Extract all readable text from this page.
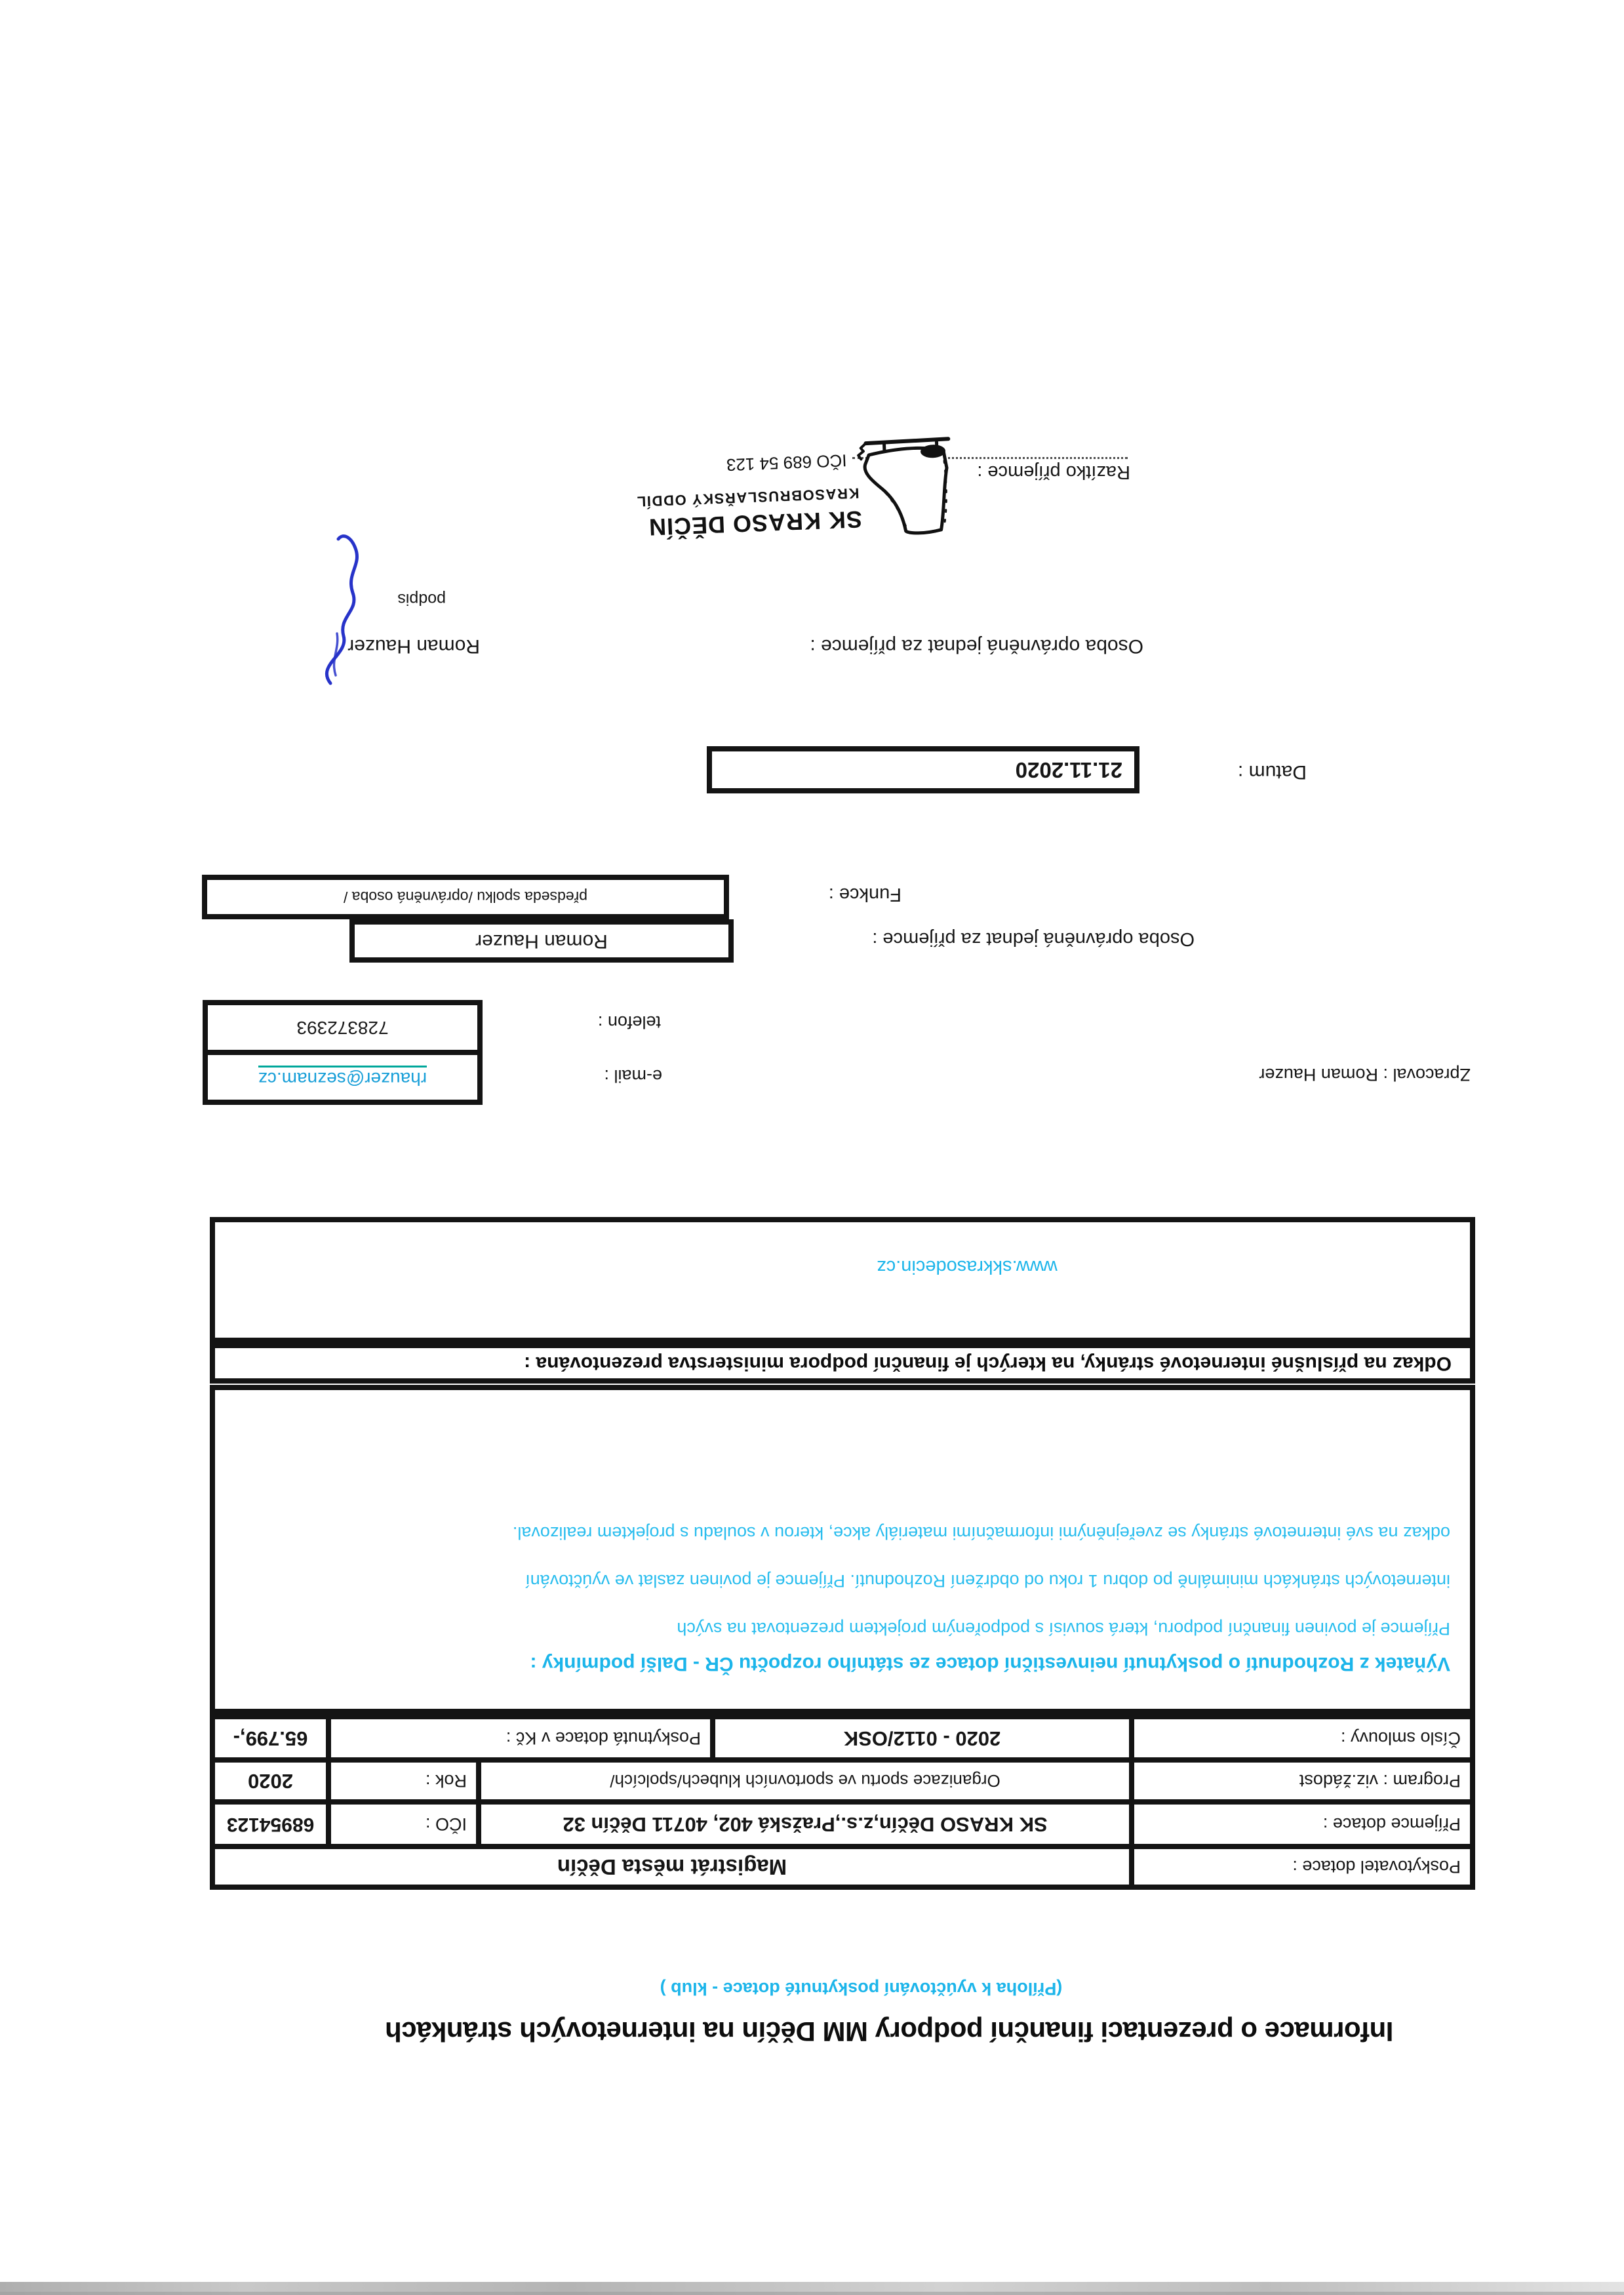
Informace o prezentaci finanční podpory MM Děčín na internetových stránkách
(Příloha k vyúčtování poskytnuté dotace - klub )
Poskytovatel dotace :
Magistrát města Děčín
Příjemce dotace :
SK KRASO Děčín,z.s.,Pražská 402, 40711 Děčín 32
IČO :
68954123
Program : viz.žádost
Organizace sportu ve sportovních klubech/spolcích/
Rok :
2020
Číslo smlouvy :
2020 - 0112/OSK
Poskytnutá dotace v Kč :
65.799,-
Výňatek z Rozhodnutí o poskytnutí neinvestiční dotace ze státního rozpočtu ČR - Další podmínky :
Příjemce je povinen finanční podporu, která souvisí s podpořeným projektem prezentovat na svých
internetových stránkách minimálně po dobru 1 roku od obdržení Rozhodnutí. Příjemce je povinen zaslat ve vyúčtování
odkaz na své internetové stránky se zveřejněnými informačními materiály akce, kterou v souladu s projektem realizoval.
Odkaz na příslušné internetové stránky, na kterých je finanční podpora ministerstva prezentována :
www.skkrasodecin.cz
Zpracoval : Roman Hauzer
e-mail :
telefon :
rhauzer@seznam.cz
728372393
Osoba oprávněná jednat za příjemce :
Roman Hauzer
Funkce :
předseda spolku /oprávněná osoba /
Datum :
21.11.2020
Osoba oprávněná jednat za příjemce :
Roman Hauzer
podpis
Razítko příjemce :
SK KRASO DĚČÍN
KRASOBRUSLAŘSKÝ ODDÍL
IČO 689 54 123
